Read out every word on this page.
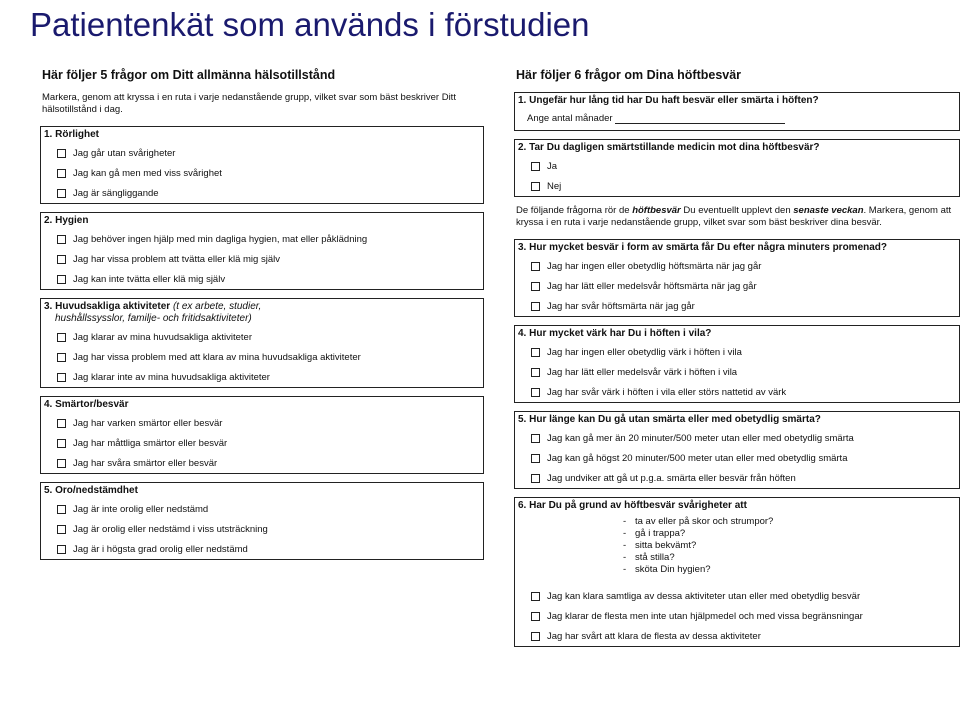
Patientenkät som används i förstudien
Här följer 5 frågor om Ditt allmänna hälsotillstånd
Markera, genom att kryssa i en ruta i varje nedanstående grupp, vilket svar som bäst beskriver Ditt hälsotillstånd i dag.
1. Rörlighet
Jag går utan svårigheter
Jag kan gå men med viss svårighet
Jag är sängliggande
2. Hygien
Jag behöver ingen hjälp med min dagliga hygien, mat eller påklädning
Jag har vissa problem att tvätta eller klä mig själv
Jag kan inte tvätta eller klä mig själv
3. Huvudsakliga aktiviteter (t ex arbete, studier,
hushållssysslor, familje- och fritidsaktiviteter)
Jag klarar av mina huvudsakliga aktiviteter
Jag har vissa problem med att klara av mina huvudsakliga aktiviteter
Jag klarar inte av mina huvudsakliga aktiviteter
4. Smärtor/besvär
Jag har varken smärtor eller besvär
Jag har måttliga smärtor eller besvär
Jag har svåra smärtor eller besvär
5. Oro/nedstämdhet
Jag är inte orolig eller nedstämd
Jag är orolig eller nedstämd i viss utsträckning
Jag är i högsta grad orolig eller nedstämd
Här följer 6 frågor om Dina höftbesvär
1. Ungefär hur lång tid har Du haft besvär eller smärta i höften?
Ange antal månader
2. Tar Du dagligen smärtstillande medicin mot dina höftbesvär?
Ja
Nej
De följande frågorna rör de höftbesvär Du eventuellt upplevt den senaste veckan. Markera, genom att kryssa i en ruta i varje nedanstående grupp, vilket svar som bäst beskriver dina besvär.
3. Hur mycket besvär i form av smärta får Du efter några minuters promenad?
Jag har ingen eller obetydlig höftsmärta när jag går
Jag har lätt eller medelsvår höftsmärta när jag går
Jag har svår höftsmärta när jag går
4. Hur mycket värk har Du i höften i vila?
Jag har ingen eller obetydlig värk i höften i vila
Jag har lätt eller medelsvår värk i höften i vila
Jag har svår värk i höften i vila eller störs nattetid av värk
5. Hur länge kan Du gå utan smärta eller med obetydlig smärta?
Jag kan gå mer än 20 minuter/500 meter utan eller med obetydlig smärta
Jag kan gå högst 20 minuter/500 meter utan eller med obetydlig smärta
Jag undviker att gå ut p.g.a. smärta eller besvär från höften
6. Har Du på grund av höftbesvär svårigheter att
- ta av eller på skor och strumpor?
- gå i trappa?
- sitta bekvämt?
- stå stilla?
- sköta Din hygien?
Jag kan klara samtliga av dessa aktiviteter utan eller med obetydlig besvär
Jag klarar de flesta men inte utan hjälpmedel och med vissa begränsningar
Jag har svårt att klara de flesta av dessa aktiviteter
